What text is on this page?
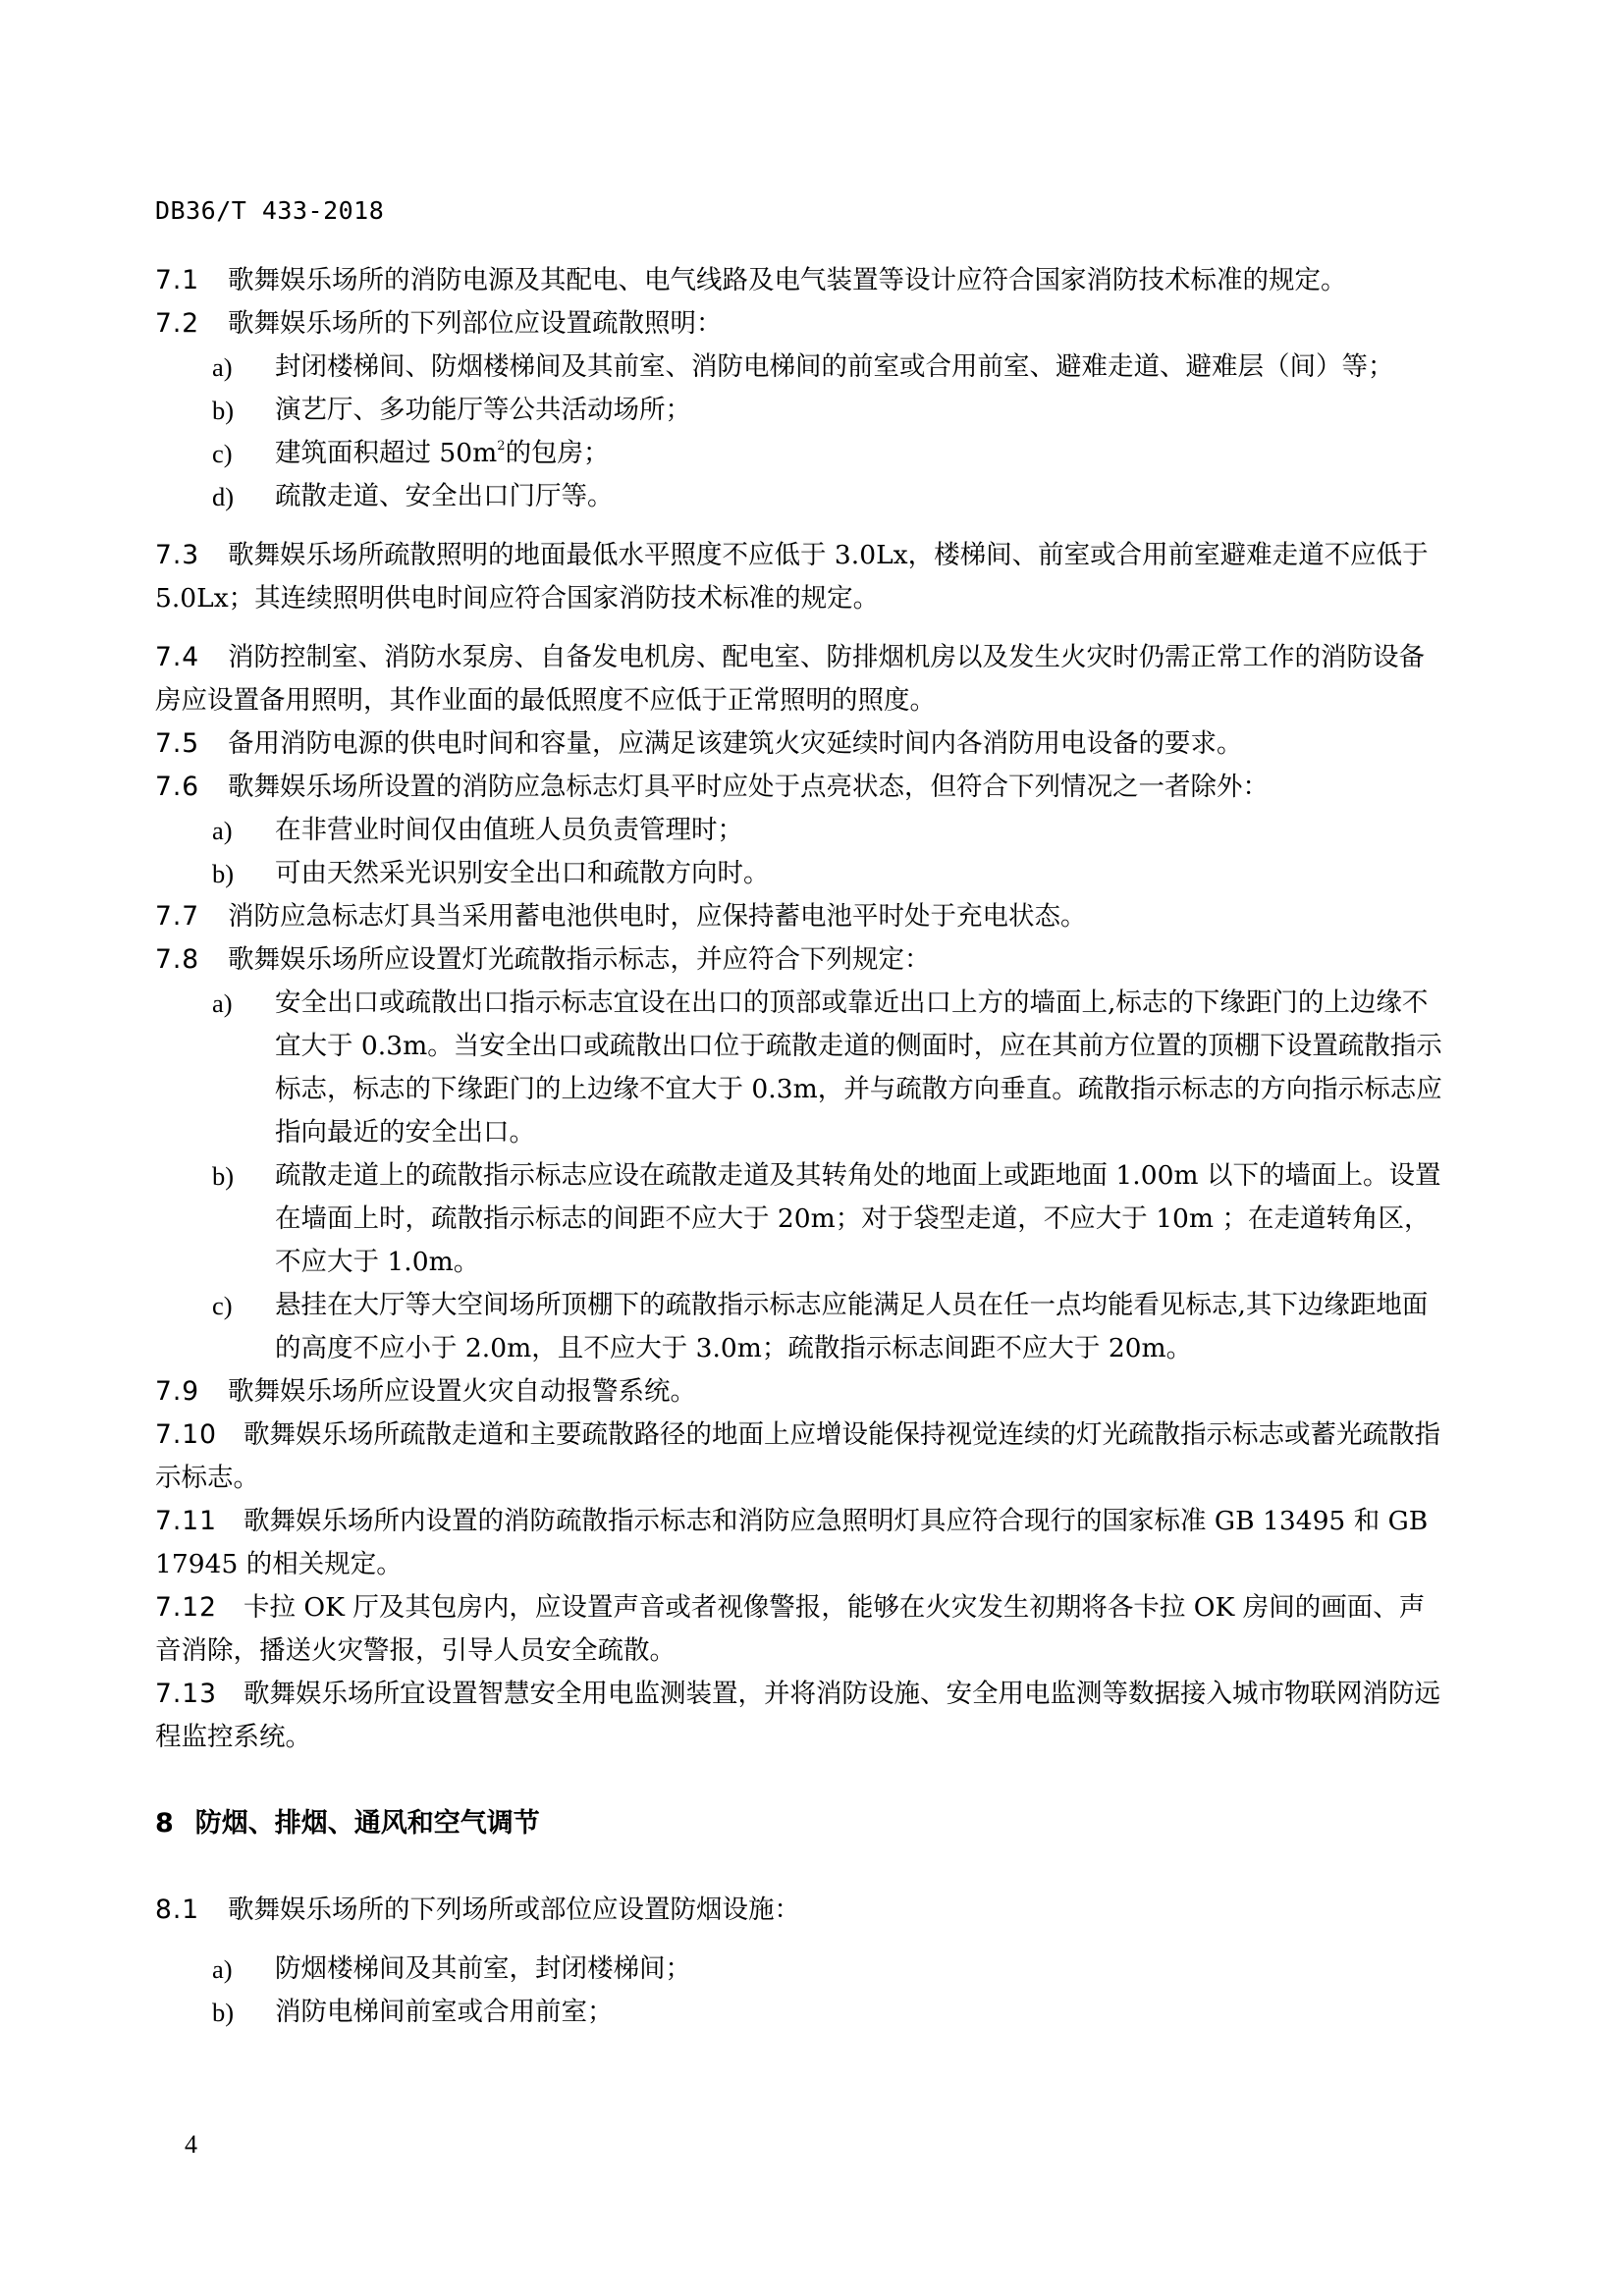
DB36/T 433-2018
7.1 歌舞娱乐场所的消防电源及其配电、电气线路及电气装置等设计应符合国家消防技术标准的规定。
7.2 歌舞娱乐场所的下列部位应设置疏散照明：
a) 封闭楼梯间、防烟楼梯间及其前室、消防电梯间的前室或合用前室、避难走道、避难层（间）等；
b) 演艺厅、多功能厅等公共活动场所；
c) 建筑面积超过 $50m^2$的包房；
d) 疏散走道、安全出口门厅等。
7.3 歌舞娱乐场所疏散照明的地面最低水平照度不应低于 3.0Lx，楼梯间、前室或合用前室避难走道不应低于 5.0Lx；其连续照明供电时间应符合国家消防技术标准的规定。
7.4 消防控制室、消防水泵房、自备发电机房、配电室、防排烟机房以及发生火灾时仍需正常工作的消防设备房应设置备用照明，其作业面的最低照度不应低于正常照明的照度。
7.5 备用消防电源的供电时间和容量，应满足该建筑火灾延续时间内各消防用电设备的要求。
7.6 歌舞娱乐场所设置的消防应急标志灯具平时应处于点亮状态，但符合下列情况之一者除外：
a) 在非营业时间仅由值班人员负责管理时；
b) 可由天然采光识别安全出口和疏散方向时。
7.7 消防应急标志灯具当采用蓄电池供电时，应保持蓄电池平时处于充电状态。
7.8 歌舞娱乐场所应设置灯光疏散指示标志，并应符合下列规定：
a) 安全出口或疏散出口指示标志宜设在出口的顶部或靠近出口上方的墙面上,标志的下缘距门的上边缘不宜大于 0.3m。当安全出口或疏散出口位于疏散走道的侧面时，应在其前方位置的顶棚下设置疏散指示标志，标志的下缘距门的上边缘不宜大于 0.3m，并与疏散方向垂直。疏散指示标志的方向指示标志应指向最近的安全出口。
b) 疏散走道上的疏散指示标志应设在疏散走道及其转角处的地面上或距地面 1.00m 以下的墙面上。设置在墙面上时，疏散指示标志的间距不应大于 20m；对于袋型走道，不应大于 10m ；在走道转角区，不应大于 1.0m。
c) 悬挂在大厅等大空间场所顶棚下的疏散指示标志应能满足人员在任一点均能看见标志,其下边缘距地面的高度不应小于 2.0m，且不应大于 3.0m；疏散指示标志间距不应大于 20m。
7.9 歌舞娱乐场所应设置火灾自动报警系统。
7.10 歌舞娱乐场所疏散走道和主要疏散路径的地面上应增设能保持视觉连续的灯光疏散指示标志或蓄光疏散指示标志。
7.11 歌舞娱乐场所内设置的消防疏散指示标志和消防应急照明灯具应符合现行的国家标准 GB 13495 和 GB 17945 的相关规定。
7.12 卡拉 OK 厅及其包房内，应设置声音或者视像警报，能够在火灾发生初期将各卡拉 OK 房间的画面、声音消除，播送火灾警报，引导人员安全疏散。
7.13 歌舞娱乐场所宜设置智慧安全用电监测装置，并将消防设施、安全用电监测等数据接入城市物联网消防远程监控系统。
8 防烟、排烟、通风和空气调节
8.1 歌舞娱乐场所的下列场所或部位应设置防烟设施：
a) 防烟楼梯间及其前室，封闭楼梯间；
b) 消防电梯间前室或合用前室；
4
